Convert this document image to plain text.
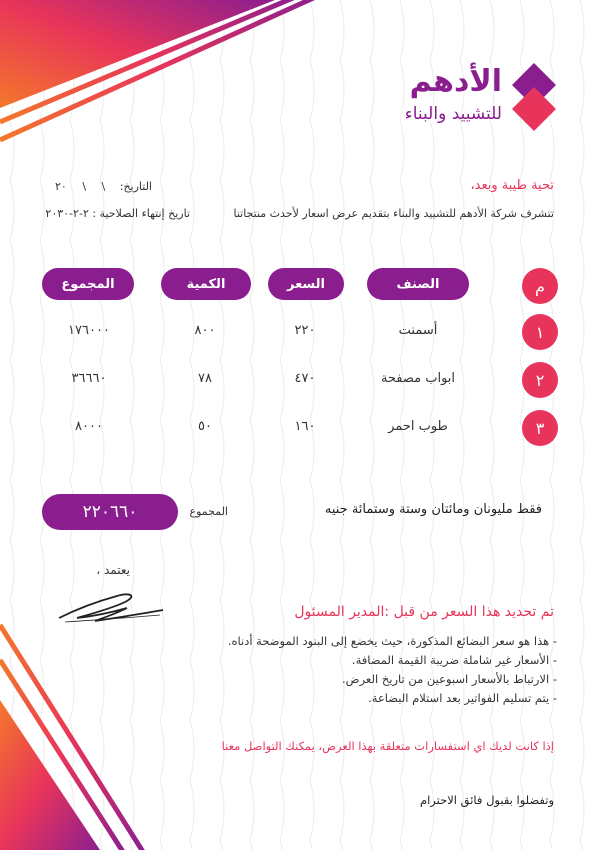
الأدهم
للتشييد والبناء
تحية طيبة وبعد،
التاريخ:
٢٠ \ \
تتشرف شركة الأدهم للتشييد والبناء بتقديم عرض اسعار لأحدث منتجاتنا
تاريخ إنتهاء الصلاحية : ٢-٢-٢٠٣٠
م
الصنف
السعر
الكمية
المجموع
١
أسمنت
٢٢٠
٨٠٠
١٧٦٠٠٠
٢
ابواب مصفحة
٤٧٠
٧٨
٣٦٦٦٠
٣
طوب احمر
١٦٠
٥٠
٨٠٠٠
فقط مليونان ومائتان وستة وستمائة جنيه
المجموع
٢٢٠٦٦٠
يعتمد ،
تم تحديد هذا السعر من قبل :المدير المسئول
- هذا هو سعر البضائع المذكورة، حيث يخضع إلى البنود الموضحة أدناه.
- الأسعار غير شاملة ضريبة القيمة المضافة.
- الارتباط بالأسعار اسبوعين من تاريخ العرض.
- يتم تسليم الفواتير بعد استلام البضاعة.
إذا كانت لديك اي استفسارات متعلقة بهذا العرض، يمكنك التواصل معنا
وتفضلوا بقبول فائق الاحترام
